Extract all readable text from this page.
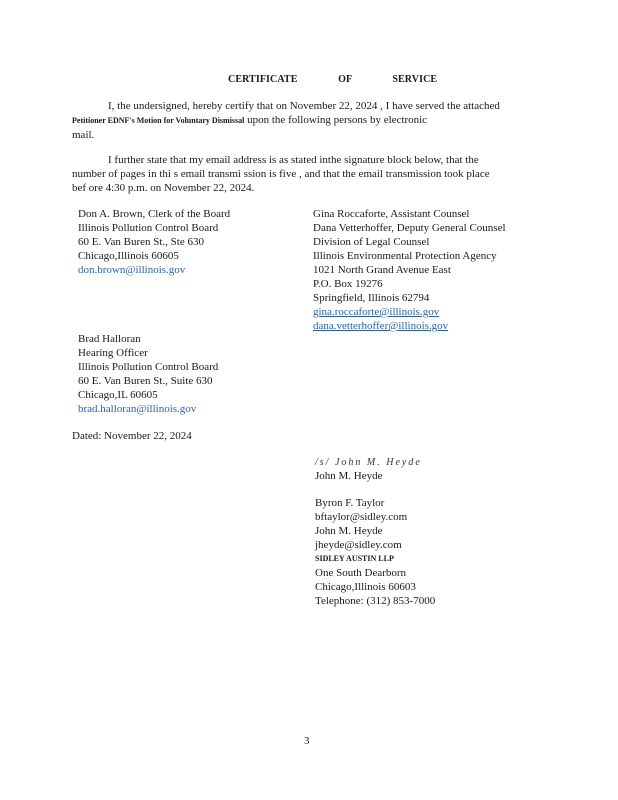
CERTIFICATE OF SERVICE
I, the undersigned, hereby certify that on November 22, 2024 , I have served the attached
Petitioner EDNF's Motion for Voluntary Dismissal upon the following persons by electronic
mail.
I further state that my email address is as stated inthe signature block below, that the
number of pages in thi s email transmi ssion is five , and that the email transmission took place
bef ore 4:30 p.m. on November 22, 2024.
Don A. Brown, Clerk of the Board
Illinois Pollution Control Board
60 E. Van Buren St., Ste 630
Chicago,Illinois 60605
don.brown@illinois.gov
Gina Roccaforte, Assistant Counsel
Dana Vetterhoffer, Deputy General Counsel
Division of Legal Counsel
Illinois Environmental Protection Agency
1021 North Grand Avenue East
P.O. Box 19276
Springfield, Illinois 62794
gina.roccaforte@illinois.gov
dana.vetterhoffer@illinois.gov
Brad Halloran
Hearing Officer
Illinois Pollution Control Board
60 E. Van Buren St., Suite 630
Chicago,IL 60605
brad.halloran@illinois.gov
Dated: November 22, 2024
/s/ John M. Heyde
John M. Heyde
Byron F. Taylor
bftaylor@sidley.com
John M. Heyde
jheyde@sidley.com
SIDLEY AUSTIN LLP
One South Dearborn
Chicago,Illinois 60603
Telephone: (312) 853-7000
3
